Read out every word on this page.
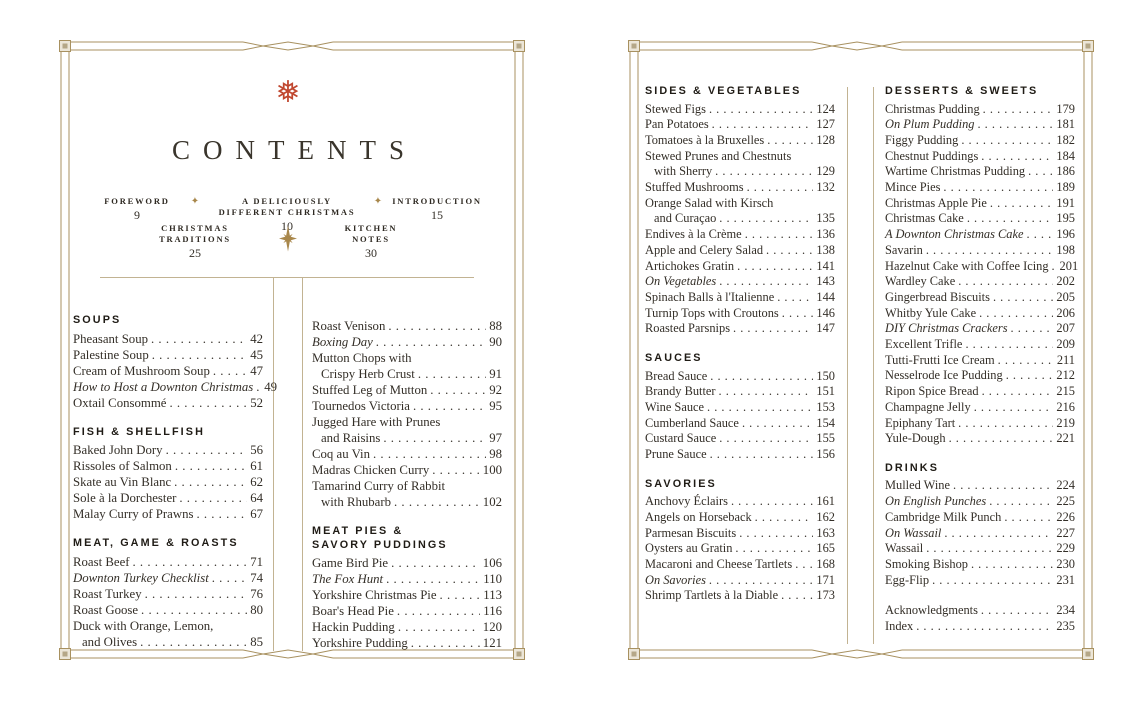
❅
CONTENTS
FOREWORD
9
✦	A DELICIOUSLY
DIFFERENT CHRISTMAS
10
✦ INTRODUCTION
15
CHRISTMAS
TRADITIONS
25
KITCHEN
NOTES
30
SOUPS
Pheasant Soup . . .	42
Palestine Soup . . .	45
Cream of Mushroom Soup . . .	47
How to Host a Downton Christmas . . . 49
Oxtail Consommé . . .	52
FISH & SHELLFISH
Baked John Dory . . .	56
Rissoles of Salmon . . .	61
Skate au Vin Blanc . . .	62
Sole à la Dorchester . . .	64
Malay Curry of Prawns . . .	67
MEAT, GAME & ROASTS
Roast Beef . . .	71
Downton Turkey Checklist . . .	74
Roast Turkey . . .	76
Roast Goose . . .	80
Duck with Orange, Lemon,
and Olives . . .	85
Roast Venison . . .	88
Boxing Day . . .	90
Mutton Chops with
Crispy Herb Crust . . .	91
Stuffed Leg of Mutton . . .	92
Tournedos Victoria . . .	95
Jugged Hare with Prunes
and Raisins . . .	97
Coq au Vin . . .	98
Madras Chicken Curry . . .	100
Tamarind Curry of Rabbit
with Rhubarb . . .	102
MEAT PIES &
SAVORY PUDDINGS
Game Bird Pie . . .	106
The Fox Hunt . . .	110
Yorkshire Christmas Pie . . .	113
Boar's Head Pie . . .	116
Hackin Pudding . . .	120
Yorkshire Pudding . . .	121
SIDES & VEGETABLES
Stewed Figs . . .	124
Pan Potatoes . . .	127
Tomatoes à la Bruxelles . . .	128
Stewed Prunes and Chestnuts
with Sherry . . .	129
Stuffed Mushrooms . . .	132
Orange Salad with Kirsch
and Curaçao . . .	135
Endives à la Crème . . .	136
Apple and Celery Salad . . .	138
Artichokes Gratin . . .	141
On Vegetables . . .	143
Spinach Balls à l'Italienne . . .	144
Turnip Tops with Croutons . . .	146
Roasted Parsnips . . .	147
SAUCES
Bread Sauce . . .	150
Brandy Butter . . .	151
Wine Sauce . . .	153
Cumberland Sauce . . .	154
Custard Sauce . . .	155
Prune Sauce . . .	156
SAVORIES
Anchovy Éclairs . . .	161
Angels on Horseback . . .	162
Parmesan Biscuits . . .	163
Oysters au Gratin . . .	165
Macaroni and Cheese Tartlets . . . 168
On Savories . . .	171
Shrimp Tartlets à la Diable . . .	173
DESSERTS & SWEETS
Christmas Pudding . . .	179
On Plum Pudding . . .	181
Figgy Pudding . . .	182
Chestnut Puddings . . .	184
Wartime Christmas Pudding . . .	186
Mince Pies . . .	189
Christmas Apple Pie . . .	191
Christmas Cake . . .	195
A Downton Christmas Cake . . .	196
Savarin . . .	198
Hazelnut Cake with Coffee Icing . . . 201
Wardley Cake . . .	202
Gingerbread Biscuits . . .	205
Whitby Yule Cake . . .	206
DIY Christmas Crackers . . .	207
Excellent Trifle . . .	209
Tutti-Frutti Ice Cream . . .	211
Nesselrode Ice Pudding . . .	212
Ripon Spice Bread . . .	215
Champagne Jelly . . .	216
Epiphany Tart . . .	219
Yule-Dough . . .	221
DRINKS
Mulled Wine . . .	224
On English Punches . . .	225
Cambridge Milk Punch . . .	226
On Wassail . . .	227
Wassail . . .	229
Smoking Bishop . . .	230
Egg-Flip . . .	231
Acknowledgments . . .	234
Index . . .	235
